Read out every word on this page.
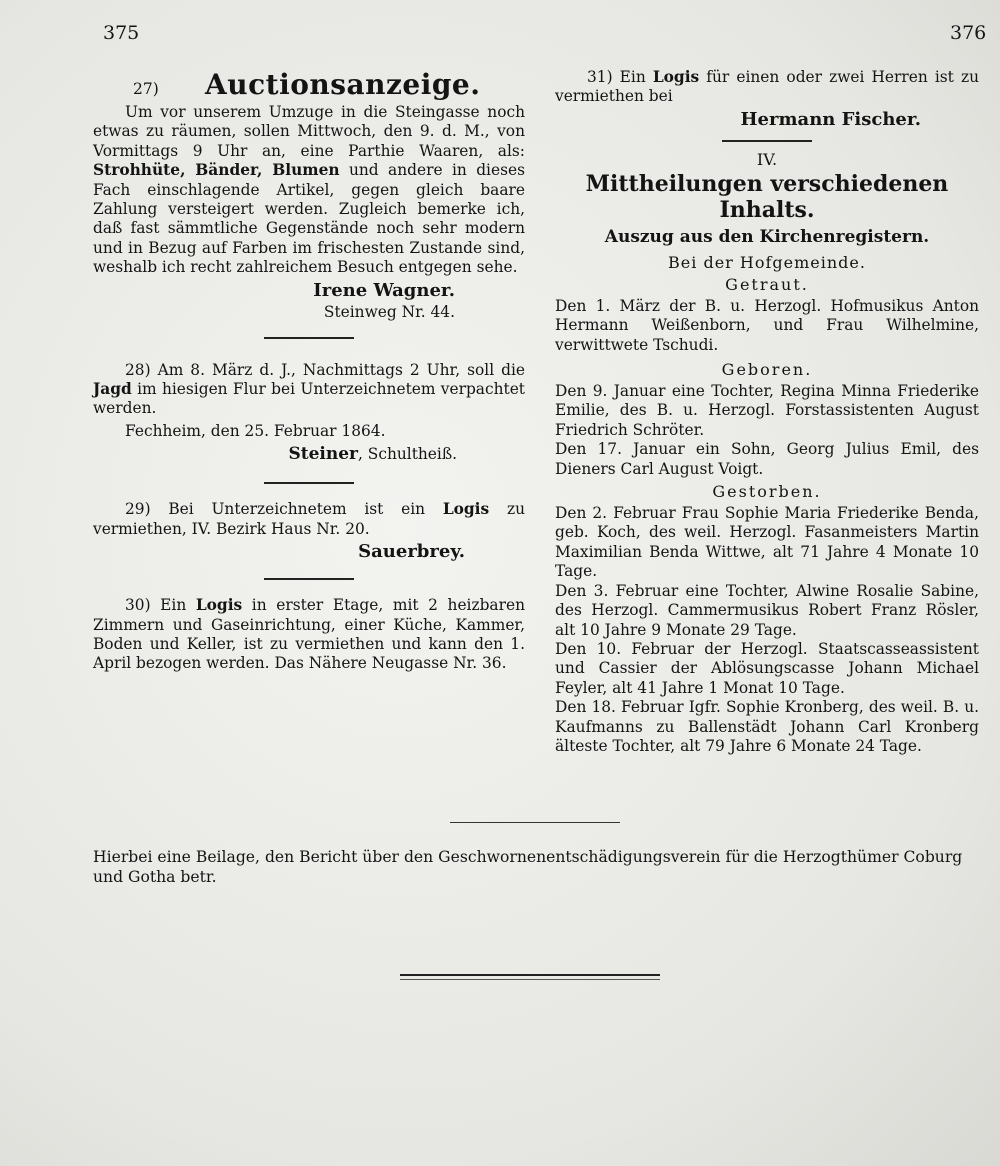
375	376
27)	Auctionsanzeige.
Um vor unserem Umzuge in die Steingasse noch etwas zu räumen, sollen Mittwoch, den 9. d. M., von Vormittags 9 Uhr an, eine Parthie Waaren, als: Strohhüte, Bänder, Blumen und andere in dieses Fach einschlagende Artikel, gegen gleich baare Zahlung versteigert werden. Zugleich bemerke ich, daß fast sämmtliche Gegenstände noch sehr modern und in Bezug auf Farben im frischesten Zustande sind, weshalb ich recht zahlreichem Besuch entgegen sehe.
Irene Wagner.
Steinweg Nr. 44.
28) Am 8. März d. J., Nachmittags 2 Uhr, soll die Jagd im hiesigen Flur bei Unterzeichnetem verpachtet werden.
Fechheim, den 25. Februar 1864.
Steiner, Schultheiß.
29) Bei Unterzeichnetem ist ein Logis zu vermiethen, IV. Bezirk Haus Nr. 20.
Sauerbrey.
30) Ein Logis in erster Etage, mit 2 heizbaren Zimmern und Gaseinrichtung, einer Küche, Kammer, Boden und Keller, ist zu vermiethen und kann den 1. April bezogen werden. Das Nähere Neugasse Nr. 36.
31) Ein Logis für einen oder zwei Herren ist zu vermiethen bei
Hermann Fischer.
IV.
Mittheilungen verschiedenen Inhalts.
Auszug aus den Kirchenregistern.
Bei der Hofgemeinde.
Getraut.
Den 1. März der B. u. Herzogl. Hofmusikus Anton Hermann Weißenborn, und Frau Wilhelmine, verwittwete Tschudi.
Geboren.
Den 9. Januar eine Tochter, Regina Minna Friederike Emilie, des B. u. Herzogl. Forstassistenten August Friedrich Schröter.
Den 17. Januar ein Sohn, Georg Julius Emil, des Dieners Carl August Voigt.
Gestorben.
Den 2. Februar Frau Sophie Maria Friederike Benda, geb. Koch, des weil. Herzogl. Fasanmeisters Martin Maximilian Benda Wittwe, alt 71 Jahre 4 Monate 10 Tage.
Den 3. Februar eine Tochter, Alwine Rosalie Sabine, des Herzogl. Cammermusikus Robert Franz Rösler, alt 10 Jahre 9 Monate 29 Tage.
Den 10. Februar der Herzogl. Staatscasseassistent und Cassier der Ablösungscasse Johann Michael Feyler, alt 41 Jahre 1 Monat 10 Tage.
Den 18. Februar Igfr. Sophie Kronberg, des weil. B. u. Kaufmanns zu Ballenstädt Johann Carl Kronberg älteste Tochter, alt 79 Jahre 6 Monate 24 Tage.
Hierbei eine Beilage, den Bericht über den Geschwornenentschädigungsverein für die Herzogthümer Coburg und Gotha betr.
